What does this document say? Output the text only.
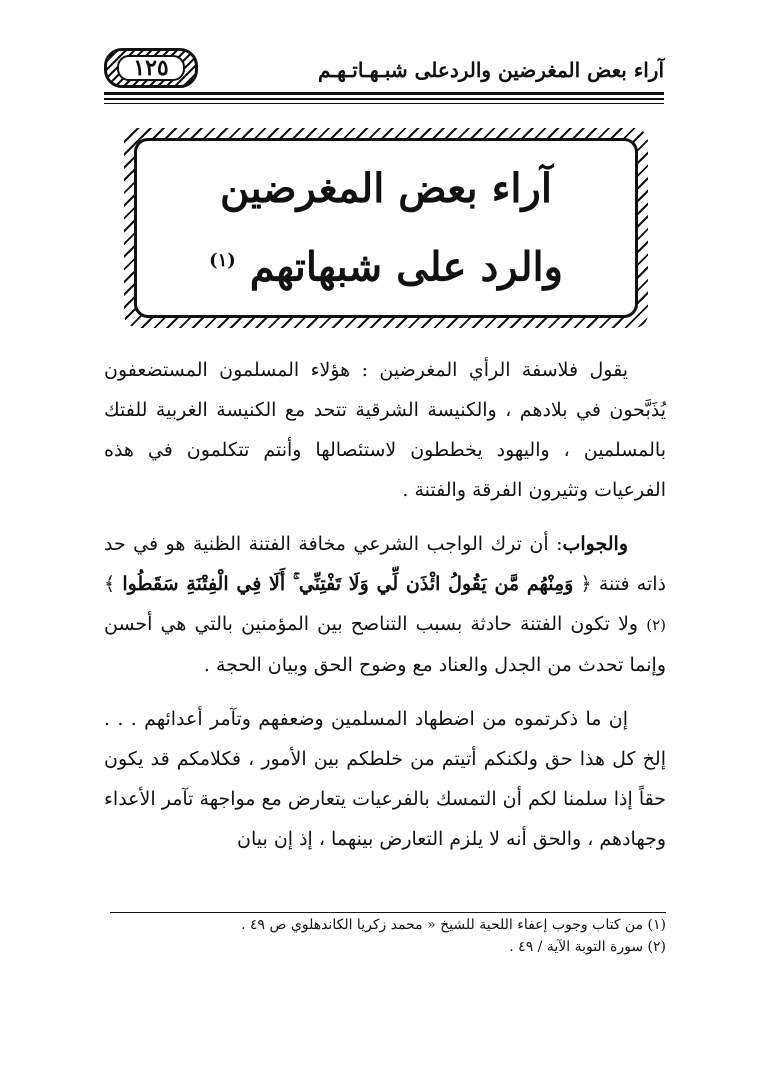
آراء بعض المغرضين والردعلى شبـهـاتـهـم
١٢٥
آراء بعض المغرضين
والرد على شبهاتهم $^{(١)}$

يقول فلاسفة الرأي المغرضين : هؤلاء المسلمون المستضعفون يُذَبَّحون في بلادهم ، والكنيسة الشرقية تتحد مع الكنيسة الغربية للفتك بالمسلمين ، واليهود يخططون لاستئصالها وأنتم تتكلمون في هذه الفرعيات وتثيرون الفرقة والفتنة .

والجواب: أن ترك الواجب الشرعي مخافة الفتنة الظنية هو في حد ذاته فتنة ﴿ وَمِنْهُم مَّن يَقُولُ ائْذَن لِّي وَلَا تَفْتِنِّي ۚ أَلَا فِي الْفِتْنَةِ سَقَطُوا ﴾ (٢) ولا تكون الفتنة حادثة بسبب التناصح بين المؤمنين بالتي هي أحسن وإنما تحدث من الجدل والعناد مع وضوح الحق وبيان الحجة .

إن ما ذكرتموه من اضطهاد المسلمين وضعفهم وتآمر أعدائهم . . . إلخ كل هذا حق ولكنكم أتيتم من خلطكم بين الأمور ، فكلامكم قد يكون حقاً إذا سلمنا لكم أن التمسك بالفرعيات يتعارض مع مواجهة تآمر الأعداء وجهادهم ، والحق أنه لا يلزم التعارض بينهما ، إذ إن بيان

(١) من كتاب وجوب إعفاء اللحية للشيخ « محمد زكريا الكاندهلوي ص ٤٩ .

(٢) سورة التوبة الآية / ٤٩ .
